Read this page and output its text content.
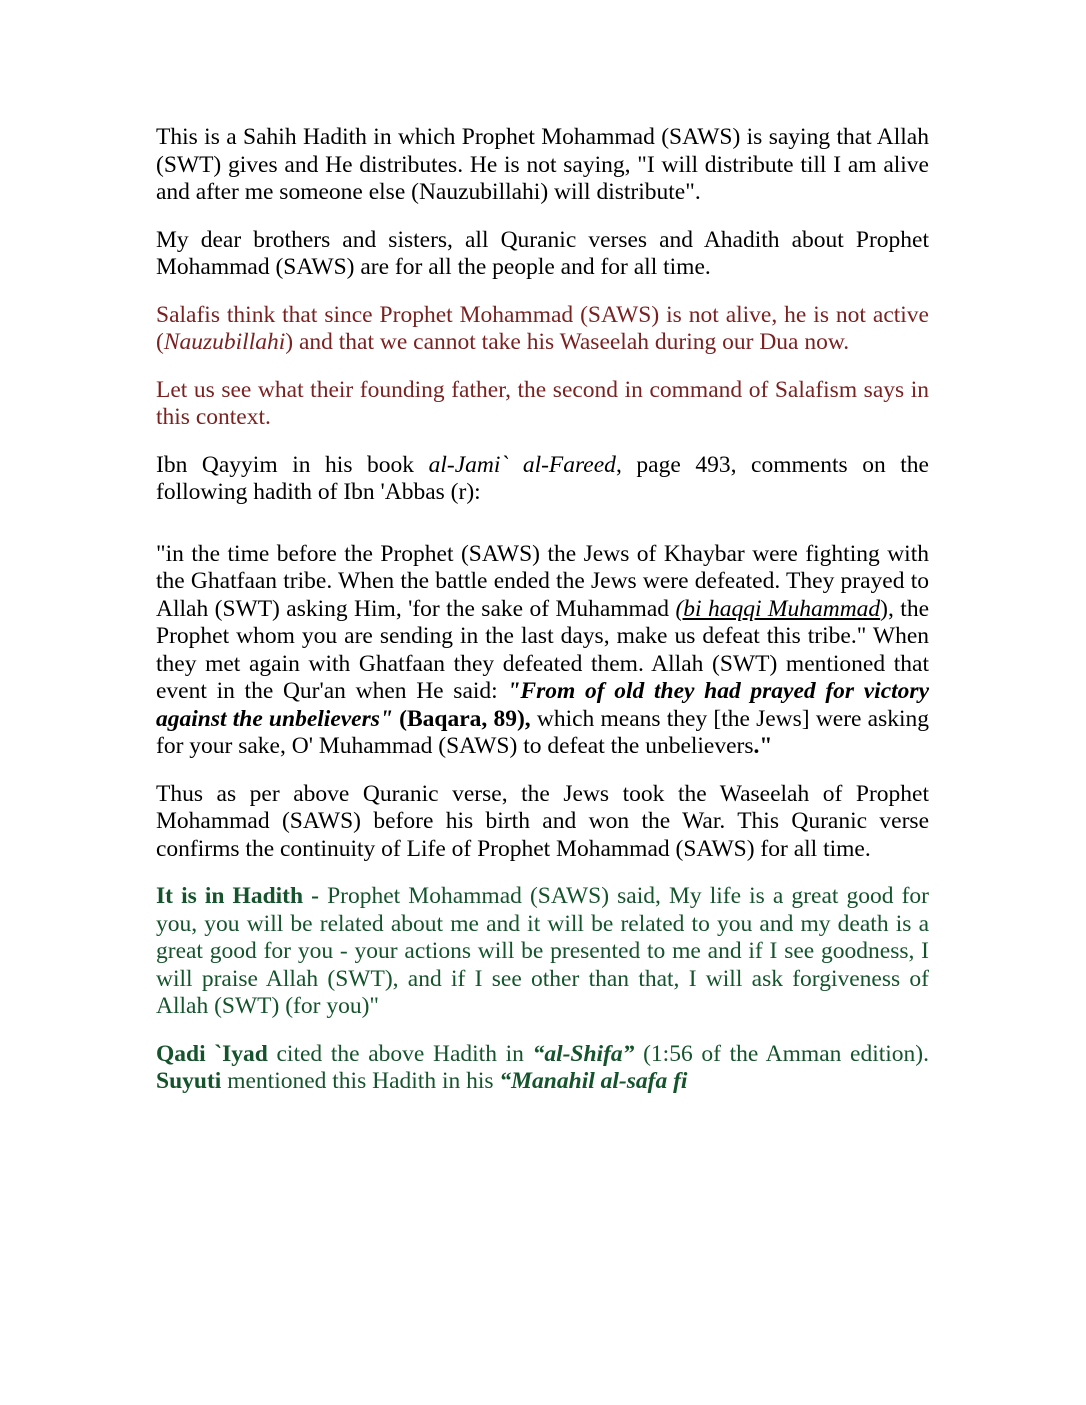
This is a Sahih Hadith in which Prophet Mohammad (SAWS) is saying that Allah (SWT) gives and He distributes. He is not saying, "I will distribute till I am alive and after me someone else (Nauzubillahi) will distribute".

My dear brothers and sisters, all Quranic verses and Ahadith about Prophet Mohammad (SAWS) are for all the people and for all time.

Salafis think that since Prophet Mohammad (SAWS) is not alive, he is not active (Nauzubillahi) and that we cannot take his Waseelah during our Dua now.

Let us see what their founding father, the second in command of Salafism says in this context.

Ibn Qayyim in his book al-Jami` al-Fareed, page 493, comments on the following hadith of Ibn 'Abbas (r):

"in the time before the Prophet (SAWS) the Jews of Khaybar were fighting with the Ghatfaan tribe. When the battle ended the Jews were defeated. They prayed to Allah (SWT) asking Him, 'for the sake of Muhammad (bi haqqi Muhammad), the Prophet whom you are sending in the last days, make us defeat this tribe." When they met again with Ghatfaan they defeated them. Allah (SWT) mentioned that event in the Qur'an when He said: "From of old they had prayed for victory against the unbelievers" (Baqara, 89), which means they [the Jews] were asking for your sake, O' Muhammad (SAWS) to defeat the unbelievers."

Thus as per above Quranic verse, the Jews took the Waseelah of Prophet Mohammad (SAWS) before his birth and won the War. This Quranic verse confirms the continuity of Life of Prophet Mohammad (SAWS) for all time.

It is in Hadith - Prophet Mohammad (SAWS) said, My life is a great good for you, you will be related about me and it will be related to you and my death is a great good for you - your actions will be presented to me and if I see goodness, I will praise Allah (SWT), and if I see other than that, I will ask forgiveness of Allah (SWT) (for you)"

Qadi `Iyad cited the above Hadith in “al-Shifa” (1:56 of the Amman edition). Suyuti mentioned this Hadith in his “Manahil al-safa fi
